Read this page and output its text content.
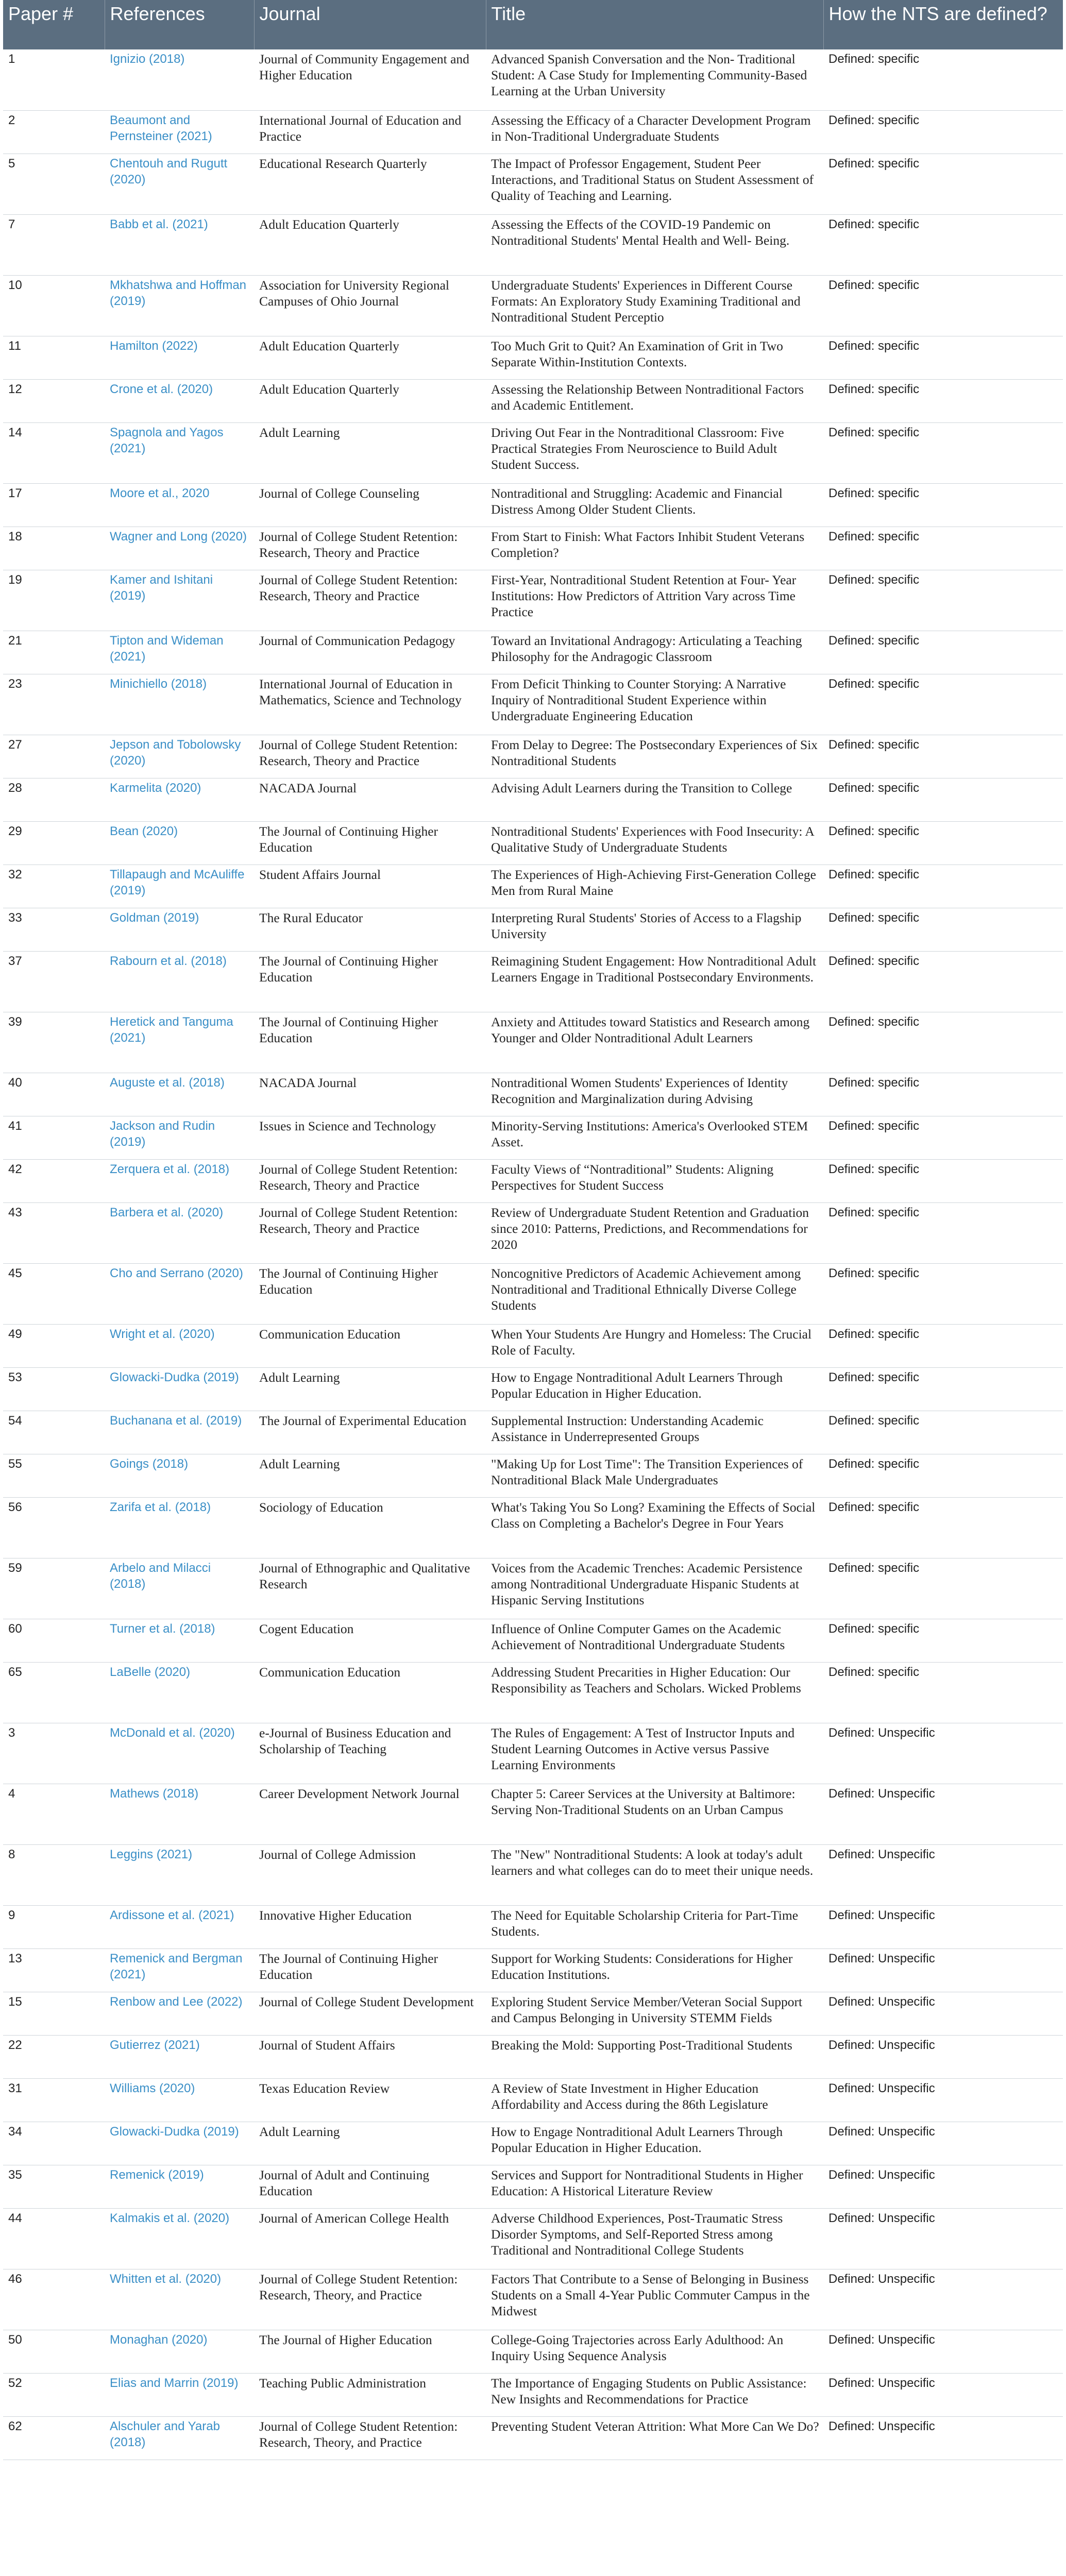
Paper #	References	Journal	Title	How the NTS are defined?
1	Ignizio (2018)	Journal of Community Engagement and Higher Education	Advanced Spanish Conversation and the Non- Traditional Student: A Case Study for Implementing Community-Based Learning at the Urban University	Defined: specific
2	Beaumont and Pernsteiner (2021)	International Journal of Education and Practice	Assessing the Efficacy of a Character Development Program in Non-Traditional Undergraduate Students	Defined: specific
5	Chentouh and Rugutt (2020)	Educational Research Quarterly	The Impact of Professor Engagement, Student Peer Interactions, and Traditional Status on Student Assessment of Quality of Teaching and Learning.	Defined: specific
7	Babb et al. (2021)	Adult Education Quarterly	Assessing the Effects of the COVID-19 Pandemic on Nontraditional Students' Mental Health and Well- Being.	Defined: specific
10	Mkhatshwa and Hoffman (2019)	Association for University Regional Campuses of Ohio Journal	Undergraduate Students' Experiences in Different Course Formats: An Exploratory Study Examining Traditional and Nontraditional Student Perceptio	Defined: specific
11	Hamilton (2022)	Adult Education Quarterly	Too Much Grit to Quit? An Examination of Grit in Two Separate Within-Institution Contexts.	Defined: specific
12	Crone et al. (2020)	Adult Education Quarterly	Assessing the Relationship Between Nontraditional Factors and Academic Entitlement.	Defined: specific
14	Spagnola and Yagos (2021)	Adult Learning	Driving Out Fear in the Nontraditional Classroom: Five Practical Strategies From Neuroscience to Build Adult Student Success.	Defined: specific
17	Moore et al., 2020	Journal of College Counseling	Nontraditional and Struggling: Academic and Financial Distress Among Older Student Clients.	Defined: specific
18	Wagner and Long (2020)	Journal of College Student Retention: Research, Theory and Practice	From Start to Finish: What Factors Inhibit Student Veterans Completion?	Defined: specific
19	Kamer and Ishitani (2019)	Journal of College Student Retention: Research, Theory and Practice	First-Year, Nontraditional Student Retention at Four- Year Institutions: How Predictors of Attrition Vary across Time Practice	Defined: specific
21	Tipton and Wideman (2021)	Journal of Communication Pedagogy	Toward an Invitational Andragogy: Articulating a Teaching Philosophy for the Andragogic Classroom	Defined: specific
23	Minichiello (2018)	International Journal of Education in Mathematics, Science and Technology	From Deficit Thinking to Counter Storying: A Narrative Inquiry of Nontraditional Student Experience within Undergraduate Engineering Education	Defined: specific
27	Jepson and Tobolowsky (2020)	Journal of College Student Retention: Research, Theory and Practice	From Delay to Degree: The Postsecondary Experiences of Six Nontraditional Students	Defined: specific
28	Karmelita (2020)	NACADA Journal	Advising Adult Learners during the Transition to College	Defined: specific
29	Bean (2020)	The Journal of Continuing Higher Education	Nontraditional Students' Experiences with Food Insecurity: A Qualitative Study of Undergraduate Students	Defined: specific
32	Tillapaugh and McAuliffe (2019)	Student Affairs Journal	The Experiences of High-Achieving First-Generation College Men from Rural Maine	Defined: specific
33	Goldman (2019)	The Rural Educator	Interpreting Rural Students' Stories of Access to a Flagship University	Defined: specific
37	Rabourn et al. (2018)	The Journal of Continuing Higher Education	Reimagining Student Engagement: How Nontraditional Adult Learners Engage in Traditional Postsecondary Environments.	Defined: specific
39	Heretick and Tanguma (2021)	The Journal of Continuing Higher Education	Anxiety and Attitudes toward Statistics and Research among Younger and Older Nontraditional Adult Learners	Defined: specific
40	Auguste et al. (2018)	NACADA Journal	Nontraditional Women Students' Experiences of Identity Recognition and Marginalization during Advising	Defined: specific
41	Jackson and Rudin (2019)	Issues in Science and Technology	Minority-Serving Institutions: America's Overlooked STEM Asset.	Defined: specific
42	Zerquera et al. (2018)	Journal of College Student Retention: Research, Theory and Practice	Faculty Views of “Nontraditional” Students: Aligning Perspectives for Student Success	Defined: specific
43	Barbera et al. (2020)	Journal of College Student Retention: Research, Theory and Practice	Review of Undergraduate Student Retention and Graduation since 2010: Patterns, Predictions, and Recommendations for 2020	Defined: specific
45	Cho and Serrano (2020)	The Journal of Continuing Higher Education	Noncognitive Predictors of Academic Achievement among Nontraditional and Traditional Ethnically Diverse College Students	Defined: specific
49	Wright et al. (2020)	Communication Education	When Your Students Are Hungry and Homeless: The Crucial Role of Faculty.	Defined: specific
53	Glowacki-Dudka (2019)	Adult Learning	How to Engage Nontraditional Adult Learners Through Popular Education in Higher Education.	Defined: specific
54	Buchanana et al. (2019)	The Journal of Experimental Education	Supplemental Instruction: Understanding Academic Assistance in Underrepresented Groups	Defined: specific
55	Goings (2018)	Adult Learning	"Making Up for Lost Time": The Transition Experiences of Nontraditional Black Male Undergraduates	Defined: specific
56	Zarifa et al. (2018)	Sociology of Education	What's Taking You So Long? Examining the Effects of Social Class on Completing a Bachelor's Degree in Four Years	Defined: specific
59	Arbelo and Milacci (2018)	Journal of Ethnographic and Qualitative Research	Voices from the Academic Trenches: Academic Persistence among Nontraditional Undergraduate Hispanic Students at Hispanic Serving Institutions	Defined: specific
60	Turner et al. (2018)	Cogent Education	Influence of Online Computer Games on the Academic Achievement of Nontraditional Undergraduate Students	Defined: specific
65	LaBelle (2020)	Communication Education	Addressing Student Precarities in Higher Education: Our Responsibility as Teachers and Scholars. Wicked Problems	Defined: specific
3	McDonald et al. (2020)	e-Journal of Business Education and Scholarship of Teaching	The Rules of Engagement: A Test of Instructor Inputs and Student Learning Outcomes in Active versus Passive Learning Environments	Defined: Unspecific
4	Mathews (2018)	Career Development Network Journal	Chapter 5: Career Services at the University at Baltimore: Serving Non-Traditional Students on an Urban Campus	Defined: Unspecific
8	Leggins (2021)	Journal of College Admission	The "New" Nontraditional Students: A look at today's adult learners and what colleges can do to meet their unique needs.	Defined: Unspecific
9	Ardissone et al. (2021)	Innovative Higher Education	The Need for Equitable Scholarship Criteria for Part-Time Students.	Defined: Unspecific
13	Remenick and Bergman (2021)	The Journal of Continuing Higher Education	Support for Working Students: Considerations for Higher Education Institutions.	Defined: Unspecific
15	Renbow and Lee (2022)	Journal of College Student Development	Exploring Student Service Member/Veteran Social Support and Campus Belonging in University STEMM Fields	Defined: Unspecific
22	Gutierrez (2021)	Journal of Student Affairs	Breaking the Mold: Supporting Post-Traditional Students	Defined: Unspecific
31	Williams (2020)	Texas Education Review	A Review of State Investment in Higher Education Affordability and Access during the 86th Legislature	Defined: Unspecific
34	Glowacki-Dudka (2019)	Adult Learning	How to Engage Nontraditional Adult Learners Through Popular Education in Higher Education.	Defined: Unspecific
35	Remenick (2019)	Journal of Adult and Continuing Education	Services and Support for Nontraditional Students in Higher Education: A Historical Literature Review	Defined: Unspecific
44	Kalmakis et al. (2020)	Journal of American College Health	Adverse Childhood Experiences, Post-Traumatic Stress Disorder Symptoms, and Self-Reported Stress among Traditional and Nontraditional College Students	Defined: Unspecific
46	Whitten et al. (2020)	Journal of College Student Retention: Research, Theory, and Practice	Factors That Contribute to a Sense of Belonging in Business Students on a Small 4-Year Public Commuter Campus in the Midwest	Defined: Unspecific
50	Monaghan (2020)	The Journal of Higher Education	College-Going Trajectories across Early Adulthood: An Inquiry Using Sequence Analysis	Defined: Unspecific
52	Elias and Marrin (2019)	Teaching Public Administration	The Importance of Engaging Students on Public Assistance: New Insights and Recommendations for Practice	Defined: Unspecific
62	Alschuler and Yarab (2018)	Journal of College Student Retention: Research, Theory, and Practice	Preventing Student Veteran Attrition: What More Can We Do?	Defined: Unspecific
